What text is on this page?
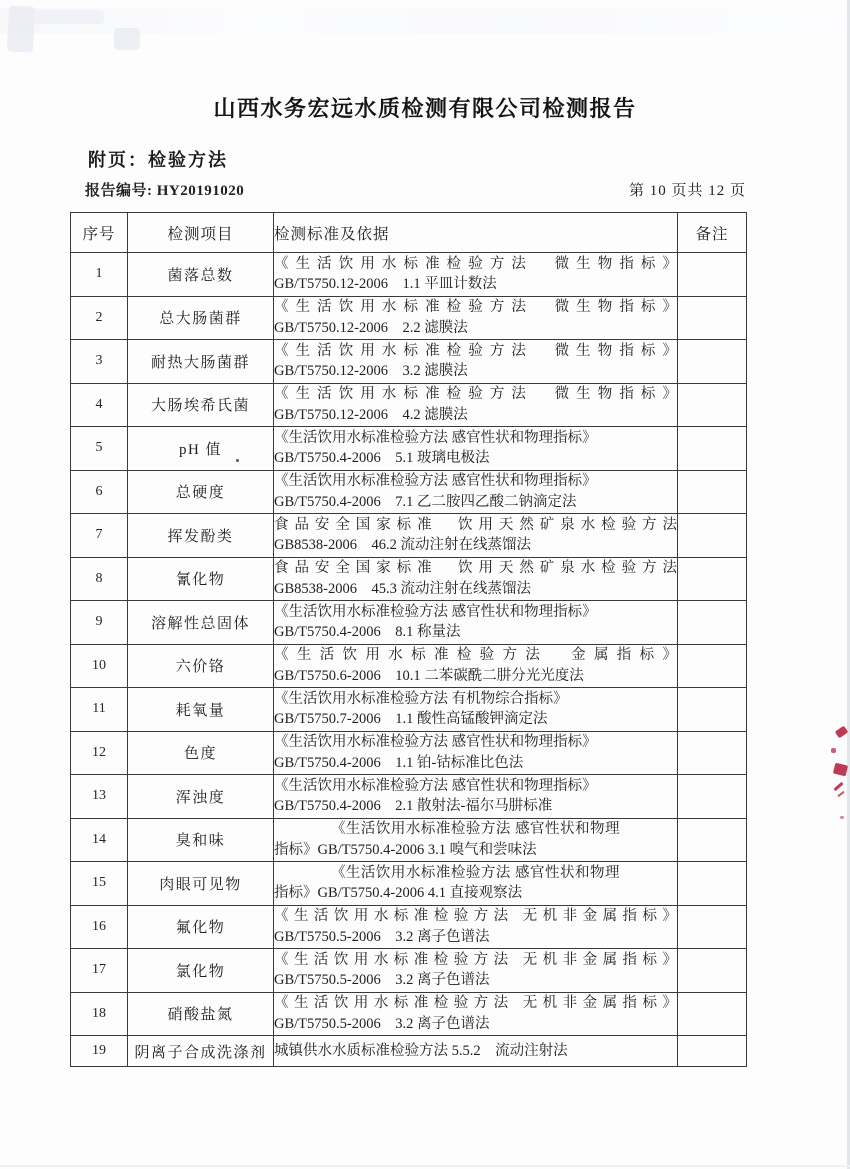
山西水务宏远水质检测有限公司检测报告
附页：检验方法
报告编号: HY20191020	第 10 页共 12 页
序号	检测项目	检测标准及依据	备注
1	菌落总数	《生活饮用水标准检验方法　微生物指标》
GB/T5750.12-2006　1.1 平皿计数法	

2	总大肠菌群	《生活饮用水标准检验方法　微生物指标》
GB/T5750.12-2006　2.2 滤膜法	

3	耐热大肠菌群	《生活饮用水标准检验方法　微生物指标》
GB/T5750.12-2006　3.2 滤膜法	

4	大肠埃希氏菌	《生活饮用水标准检验方法　微生物指标》
GB/T5750.12-2006　4.2 滤膜法	

5	pH 值	《生活饮用水标准检验方法 感官性状和物理指标》
GB/T5750.4-2006　5.1 玻璃电极法	

6	总硬度	《生活饮用水标准检验方法 感官性状和物理指标》
GB/T5750.4-2006　7.1 乙二胺四乙酸二钠滴定法	

7	挥发酚类	食品安全国家标准　饮用天然矿泉水检验方法
GB8538-2006　46.2 流动注射在线蒸馏法	

8	氰化物	食品安全国家标准　饮用天然矿泉水检验方法
GB8538-2006　45.3 流动注射在线蒸馏法	

9	溶解性总固体	《生活饮用水标准检验方法 感官性状和物理指标》
GB/T5750.4-2006　8.1 称量法	

10	六价铬	《生活饮用水标准检验方法　金属指标》
GB/T5750.6-2006　10.1 二苯碳酰二肼分光光度法	

11	耗氧量	《生活饮用水标准检验方法 有机物综合指标》
GB/T5750.7-2006　1.1 酸性高锰酸钾滴定法	

12	色度	《生活饮用水标准检验方法 感官性状和物理指标》
GB/T5750.4-2006　1.1 铂-钴标准比色法	

13	浑浊度	《生活饮用水标准检验方法 感官性状和物理指标》
GB/T5750.4-2006　2.1 散射法-福尔马肼标准	

14	臭和味	《生活饮用水标准检验方法 感官性状和物理
指标》GB/T5750.4-2006 3.1 嗅气和尝味法	

15	肉眼可见物	《生活饮用水标准检验方法 感官性状和物理
指标》GB/T5750.4-2006 4.1 直接观察法	

16	氟化物	《生活饮用水标准检验方法 无机非金属指标》
GB/T5750.5-2006　3.2 离子色谱法	

17	氯化物	《生活饮用水标准检验方法 无机非金属指标》
GB/T5750.5-2006　3.2 离子色谱法	

18	硝酸盐氮	《生活饮用水标准检验方法 无机非金属指标》
GB/T5750.5-2006　3.2 离子色谱法	

19	阴离子合成洗涤剂	城镇供水水质标准检验方法 5.5.2　流动注射法	
